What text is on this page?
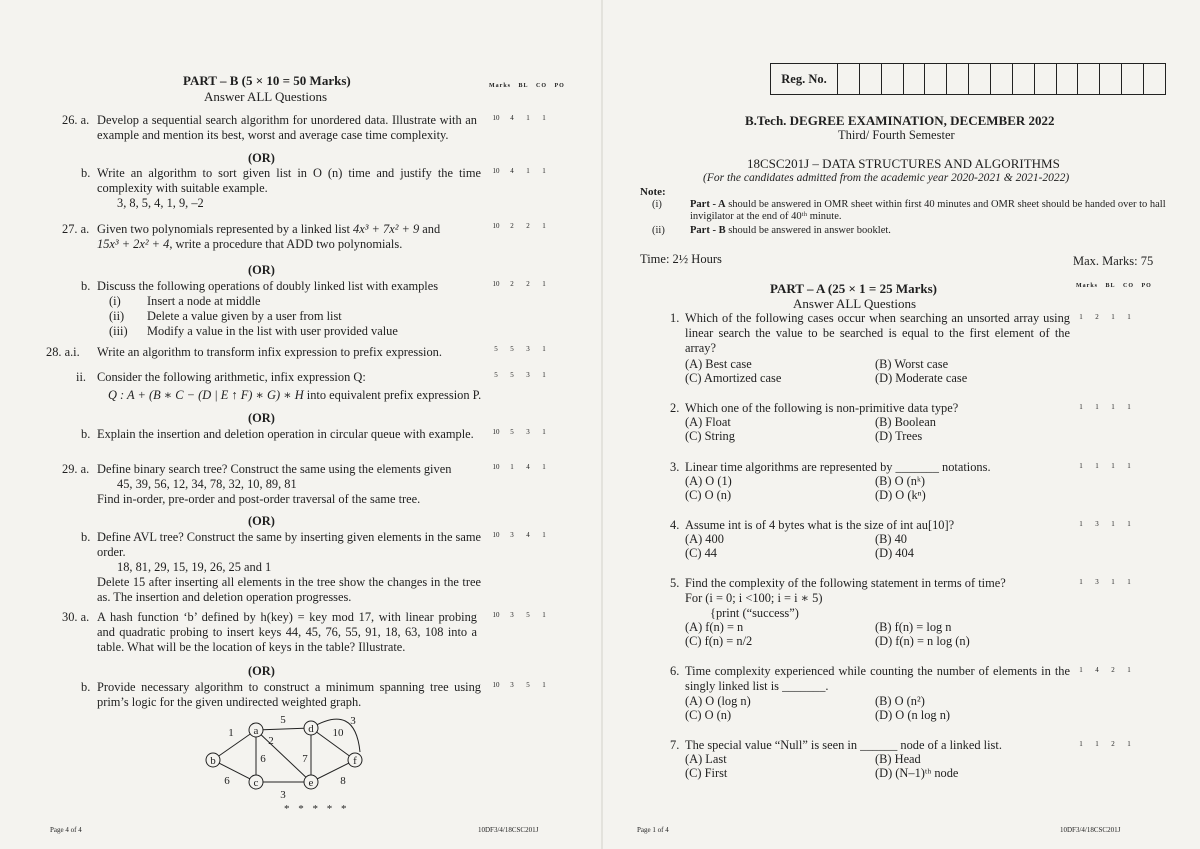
PART – B (5 × 10 = 50 Marks)
Answer ALL Questions
Marks BL CO PO
26. a. Develop a sequential search algorithm for unordered data. Illustrate with an example and mention its best, worst and average case time complexity.
10 4 1 1
(OR)
b. Write an algorithm to sort given list in O (n) time and justify the time complexity with suitable example.
3, 8, 5, 4, 1, 9, –2
10 4 1 1
27. a. Given two polynomials represented by a linked list 4x³ + 7x² + 9 and
15x³ + 2x² + 4, write a procedure that ADD two polynomials.
10 2 2 1
(OR)
b. Discuss the following operations of doubly linked list with examples
(i) Insert a node at middle
(ii) Delete a value given by a user from list
(iii) Modify a value in the list with user provided value
10 2 2 1
28. a.i. Write an algorithm to transform infix expression to prefix expression.	5 5 3 1
ii. Consider the following arithmetic, infix expression Q:
Q : A + (B ∗ C − (D | E ↑ F) ∗ G) ∗ H into equivalent prefix expression P.
5 5 3 1
(OR)
b. Explain the insertion and deletion operation in circular queue with example.	10 5 3 1
29. a. Define binary search tree? Construct the same using the elements given
45, 39, 56, 12, 34, 78, 32, 10, 89, 81
Find in-order, pre-order and post-order traversal of the same tree.
10 1 4 1
(OR)
b. Define AVL tree? Construct the same by inserting given elements in the same order.
18, 81, 29, 15, 19, 26, 25 and 1
Delete 15 after inserting all elements in the tree show the changes in the tree as. The insertion and deletion operation progresses.
10 3 4 1
30. a. A hash function ‘b’ defined by h(key) = key mod 17, with linear probing and quadratic probing to insert keys 44, 45, 76, 55, 91, 18, 63, 108 into a table. What will be the location of keys in the table? Illustrate.
10 3 5 1
(OR)
b. Provide necessary algorithm to construct a minimum spanning tree using prim’s logic for the given undirected weighted graph.
10 3 5 1
a
b
c
d
e
f
1
5
2
10
3
6	7
6	8
3
* * * * *
Page 4 of 4	10DF3/4/18CSC201J
Reg. No.
B.Tech. DEGREE EXAMINATION, DECEMBER 2022
Third/ Fourth Semester
18CSC201J – DATA STRUCTURES AND ALGORITHMS
(For the candidates admitted from the academic year 2020-2021 & 2021-2022)
Note:
(i)	Part - A should be answered in OMR sheet within first 40 minutes and OMR sheet should be handed over to hall invigilator at the end of 40ᵗʰ minute.
(ii) Part - B should be answered in answer booklet.
Time: 2½ Hours	Max. Marks: 75
PART – A (25 × 1 = 25 Marks)
Answer ALL Questions
Marks BL CO PO
1. Which of the following cases occur when searching an unsorted array using linear search the value to be searched is equal to the first element of the array?
(A) Best case	(B) Worst case
(C) Amortized case	(D) Moderate case
1 2 1 1
2. Which one of the following is non-primitive data type?
(A) Float	(B) Boolean
(C) String	(D) Trees
1 1 1 1
3. Linear time algorithms are represented by _______ notations.
(A) O (1)	(B) O (nᵏ)
(C) O (n)	(D) O (kⁿ)
1 1 1 1
4. Assume int is of 4 bytes what is the size of int au[10]?
(A) 400	(B) 40
(C) 44	(D) 404
1 3 1 1
5. Find the complexity of the following statement in terms of time?
For (i = 0; i <100; i = i ∗ 5)
{print (“success”)
(A) f(n) = n	(B) f(n) = log n
(C) f(n) = n/2	(D) f(n) = n log (n)
1 3 1 1
6. Time complexity experienced while counting the number of elements in the singly linked list is _______.
(A) O (log n)	(B) O (n²)
(C) O (n)	(D) O (n log n)
1 4 2 1
7. The special value “Null” is seen in ______ node of a linked list.
(A) Last	(B) Head
(C) First	(D) (N–1)ᵗʰ node
1 1 2 1
Page 1 of 4	10DF3/4/18CSC201J
